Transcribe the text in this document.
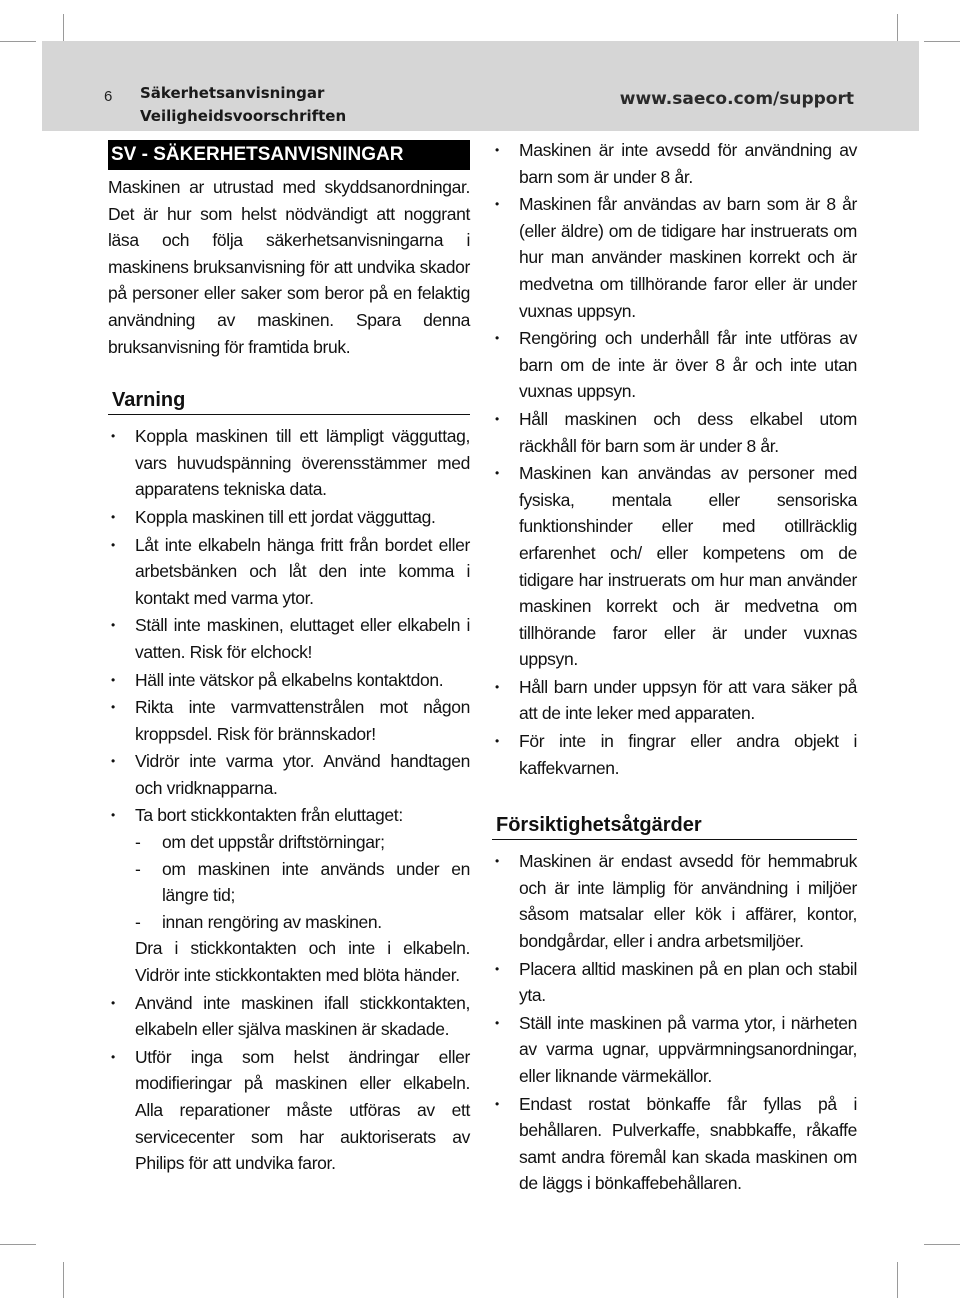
6 Säkerhetsanvisningar
Veiligheidsvoorschriften
www.saeco.com/support
SV - SÄKERHETSANVISNINGAR

Maskinen ar utrustad med skyddsanordningar. Det är hur som helst nödvändigt att noggrant läsa och följa säkerhetsanvisningarna i maskinens bruksanvisning för att undvika skador på personer eller saker som beror på en felaktig användning av maskinen. Spara denna bruksanvisning för framtida bruk.

Varning
• Koppla maskinen till ett lämpligt vägguttag, vars huvudspänning överensstämmer med apparatens tekniska data.
• Koppla maskinen till ett jordat vägguttag.
• Låt inte elkabeln hänga fritt från bordet eller arbetsbänken och låt den inte komma i kontakt med varma ytor.
• Ställ inte maskinen, eluttaget eller elkabeln i vatten. Risk för elchock!
• Häll inte vätskor på elkabelns kontaktdon.
• Rikta inte varmvattenstrålen mot någon kroppsdel. Risk för brännskador!
• Vidrör inte varma ytor. Använd handtagen och vridknapparna.
• Ta bort stickkontakten från eluttaget:
- om det uppstår driftstörningar;
- om maskinen inte används under en längre tid;
- innan rengöring av maskinen.
Dra i stickkontakten och inte i elkabeln. Vidrör inte stickkontakten med blöta händer.
• Använd inte maskinen ifall stickkontakten, elkabeln eller själva maskinen är skadade.
• Utför inga som helst ändringar eller modifieringar på maskinen eller elkabeln. Alla reparationer måste utföras av ett servicecenter som har auktoriserats av Philips för att undvika faror.
• Maskinen är inte avsedd för användning av barn som är under 8 år.
• Maskinen får användas av barn som är 8 år (eller äldre) om de tidigare har instruerats om hur man använder maskinen korrekt och är medvetna om tillhörande faror eller är under vuxnas uppsyn.
• Rengöring och underhåll får inte utföras av barn om de inte är över 8 år och inte utan vuxnas uppsyn.
• Håll maskinen och dess elkabel utom räckhåll för barn som är under 8 år.
• Maskinen kan användas av personer med fysiska, mentala eller sensoriska funktionshinder eller med otillräcklig erfarenhet och/ eller kompetens om de tidigare har instruerats om hur man använder maskinen korrekt och är medvetna om tillhörande faror eller är under vuxnas uppsyn.
• Håll barn under uppsyn för att vara säker på att de inte leker med apparaten.
• För inte in fingrar eller andra objekt i kaffekvarnen.
Försiktighetsåtgärder
• Maskinen är endast avsedd för hemmabruk och är inte lämplig för användning i miljöer såsom matsalar eller kök i affärer, kontor, bondgårdar, eller i andra arbetsmiljöer.
• Placera alltid maskinen på en plan och stabil yta.
• Ställ inte maskinen på varma ytor, i närheten av varma ugnar, uppvärmningsanordningar, eller liknande värmekällor.
• Endast rostat bönkaffe får fyllas på i behållaren. Pulverkaffe, snabbkaffe, råkaffe samt andra föremål kan skada maskinen om de läggs i bönkaffebehållaren.
